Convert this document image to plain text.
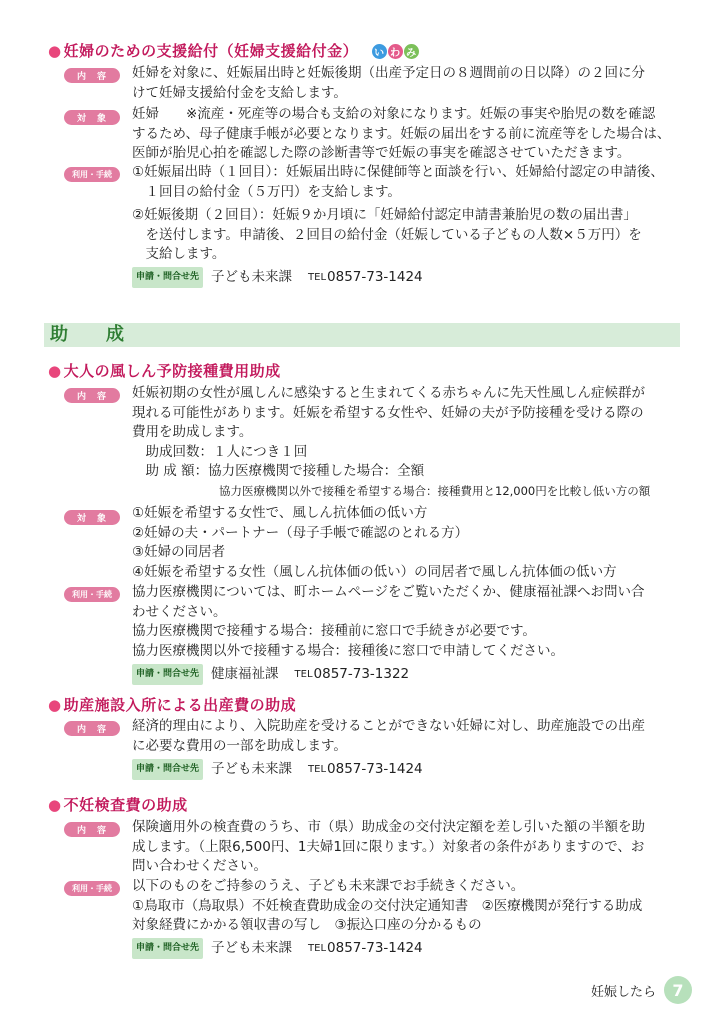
● 妊婦のための支援給付（妊婦支援給付金） い わ み
内　容	妊婦を対象に、妊娠届出時と妊娠後期（出産予定日の８週間前の日以降）の２回に分
けて妊婦支援給付金を支給します。
対　象	妊婦　　※流産・死産等の場合も支給の対象になります。妊娠の事実や胎児の数を確認
するため、母子健康手帳が必要となります。妊娠の届出をする前に流産等をした場合は、
医師が胎児心拍を確認した際の診断書等で妊娠の事実を確認させていただきます。
利用・手続	①妊娠届出時（１回目）：妊娠届出時に保健師等と面談を行い、妊婦給付認定の申請後、
　１回目の給付金（５万円）を支給します。
②妊娠後期（２回目）：妊娠９か月頃に「妊婦給付認定申請書兼胎児の数の届出書」
　を送付します。申請後、２回目の給付金（妊娠している子どもの人数×５万円）を
　支給します。
申請・問合せ先 子ども未来課 TEL 0857-73-1424
助　成
● 大人の風しん予防接種費用助成
内　容	妊娠初期の女性が風しんに感染すると生まれてくる赤ちゃんに先天性風しん症候群が
現れる可能性があります。妊娠を希望する女性や、妊婦の夫が予防接種を受ける際の
費用を助成します。
　助成回数：１人につき１回
　助 成 額：協力医療機関で接種した場合：全額
協力医療機関以外で接種を希望する場合：接種費用と12,000円を比較し低い方の額
対　象	①妊娠を希望する女性で、風しん抗体価の低い方
②妊婦の夫・パートナー（母子手帳で確認のとれる方）
③妊婦の同居者
④妊娠を希望する女性（風しん抗体価の低い）の同居者で風しん抗体価の低い方
利用・手続	協力医療機関については、町ホームページをご覧いただくか、健康福祉課へお問い合
わせください。
協力医療機関で接種する場合：接種前に窓口で手続きが必要です。
協力医療機関以外で接種する場合：接種後に窓口で申請してください。
申請・問合せ先 健康福祉課 TEL 0857-73-1322
● 助産施設入所による出産費の助成
内　容	経済的理由により、入院助産を受けることができない妊婦に対し、助産施設での出産
に必要な費用の一部を助成します。
申請・問合せ先 子ども未来課 TEL 0857-73-1424
● 不妊検査費の助成
内　容	保険適用外の検査費のうち、市（県）助成金の交付決定額を差し引いた額の半額を助
成します。（上限6,500円、1夫婦1回に限ります。）対象者の条件がありますので、お
問い合わせください。
利用・手続	以下のものをご持参のうえ、子ども未来課でお手続きください。
①鳥取市（鳥取県）不妊検査費助成金の交付決定通知書　②医療機関が発行する助成
対象経費にかかる領収書の写し　③振込口座の分かるもの
申請・問合せ先 子ども未来課 TEL 0857-73-1424
妊娠したら	7
